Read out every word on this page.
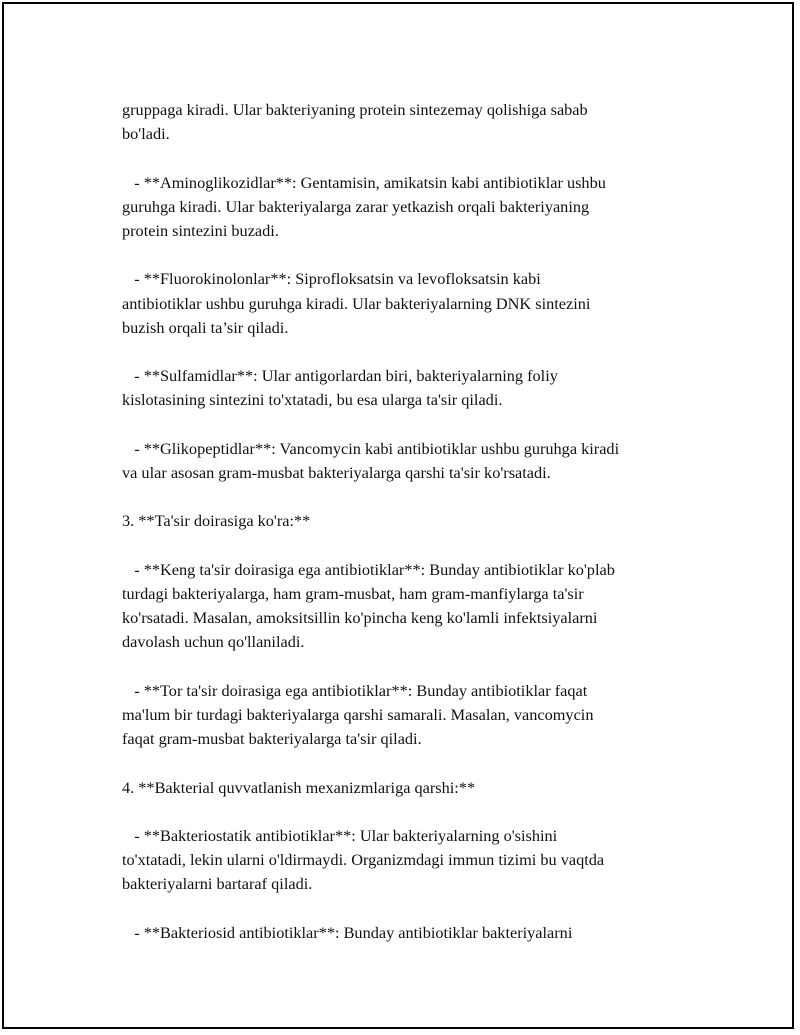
gruppaga kiradi. Ular bakteriyaning protein sintezemay qolishiga sabab
bo'ladi.

- **Aminoglikozidlar**: Gentamisin, amikatsin kabi antibiotiklar ushbu
guruhga kiradi. Ular bakteriyalarga zarar yetkazish orqali bakteriyaning
protein sintezini buzadi.

- **Fluorokinolonlar**: Siprofloksatsin va levofloksatsin kabi
antibiotiklar ushbu guruhga kiradi. Ular bakteriyalarning DNK sintezini
buzish orqali ta’sir qiladi.

- **Sulfamidlar**: Ular antigorlardan biri, bakteriyalarning foliy
kislotasining sintezini to'xtatadi, bu esa ularga ta'sir qiladi.

- **Glikopeptidlar**: Vancomycin kabi antibiotiklar ushbu guruhga kiradi
va ular asosan gram-musbat bakteriyalarga qarshi ta'sir ko'rsatadi.

3. **Ta'sir doirasiga ko'ra:**

- **Keng ta'sir doirasiga ega antibiotiklar**: Bunday antibiotiklar ko'plab
turdagi bakteriyalarga, ham gram-musbat, ham gram-manfiylarga ta'sir
ko'rsatadi. Masalan, amoksitsillin ko'pincha keng ko'lamli infektsiyalarni
davolash uchun qo'llaniladi.

- **Tor ta'sir doirasiga ega antibiotiklar**: Bunday antibiotiklar faqat
ma'lum bir turdagi bakteriyalarga qarshi samarali. Masalan, vancomycin
faqat gram-musbat bakteriyalarga ta'sir qiladi.

4. **Bakterial quvvatlanish mexanizmlariga qarshi:**

- **Bakteriostatik antibiotiklar**: Ular bakteriyalarning o'sishini
to'xtatadi, lekin ularni o'ldirmaydi. Organizmdagi immun tizimi bu vaqtda
bakteriyalarni bartaraf qiladi.

- **Bakteriosid antibiotiklar**: Bunday antibiotiklar bakteriyalarni
